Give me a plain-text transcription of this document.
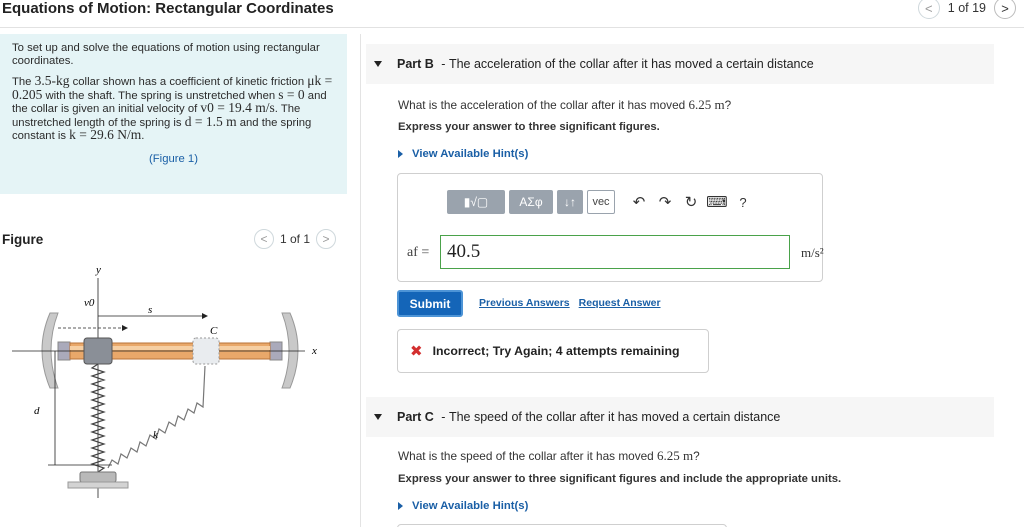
Equations of Motion: Rectangular Coordinates	<	1 of 19	>

To set up and solve the equations of motion using rectangular coordinates.

The 3.5-kg collar shown has a coefficient of kinetic friction μk = 0.205 with the shaft. The spring is unstretched when s = 0 and the collar is given an initial velocity of v0 = 19.4 m/s. The unstretched length of the spring is d = 1.5 m and the spring constant is k = 29.6 N/m.

(Figure 1)
Figure	<	1 of 1	>
y
v0
s
C
x
d
k
Part B - The acceleration of the collar after it has moved a certain distance
What is the acceleration of the collar after it has moved 6.25 m?
Express your answer to three significant figures.
View Available Hint(s)
▮√▢	ΑΣφ	↓↑	vec	↶ ↷ ↻ ⌨ ?
af = 40.5	m/s²
Submit	Previous Answers Request Answer
✖ Incorrect; Try Again; 4 attempts remaining
Part C - The speed of the collar after it has moved a certain distance
What is the speed of the collar after it has moved 6.25 m?
Express your answer to three significant figures and include the appropriate units.
View Available Hint(s)
